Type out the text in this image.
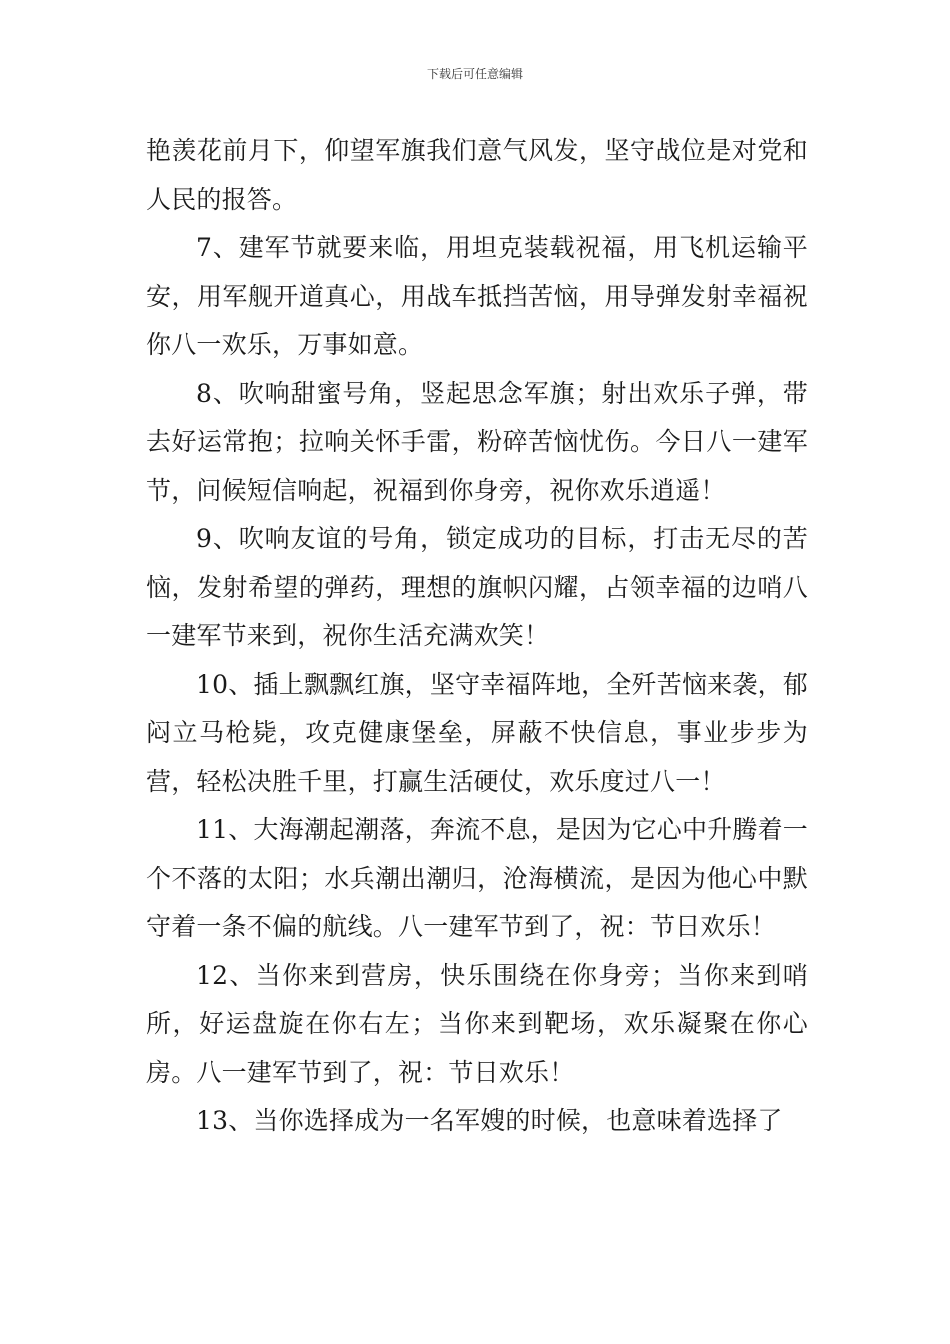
下载后可任意编辑

艳羡花前月下，仰望军旗我们意气风发，坚守战位是对党和人民的报答。

7、建军节就要来临，用坦克装载祝福，用飞机运输平安，用军舰开道真心，用战车抵挡苦恼，用导弹发射幸福祝你八一欢乐，万事如意。

8、吹响甜蜜号角，竖起思念军旗；射出欢乐子弹，带去好运常抱；拉响关怀手雷，粉碎苦恼忧伤。今日八一建军节，问候短信响起，祝福到你身旁，祝你欢乐逍遥！

9、吹响友谊的号角，锁定成功的目标，打击无尽的苦恼，发射希望的弹药，理想的旗帜闪耀，占领幸福的边哨八一建军节来到，祝你生活充满欢笑！

10、插上飘飘红旗，坚守幸福阵地，全歼苦恼来袭，郁闷立马枪毙，攻克健康堡垒，屏蔽不快信息，事业步步为营，轻松决胜千里，打赢生活硬仗，欢乐度过八一！

11、大海潮起潮落，奔流不息，是因为它心中升腾着一个不落的太阳；水兵潮出潮归，沧海横流，是因为他心中默守着一条不偏的航线。八一建军节到了，祝：节日欢乐！

12、当你来到营房，快乐围绕在你身旁；当你来到哨所，好运盘旋在你右左；当你来到靶场，欢乐凝聚在你心房。八一建军节到了，祝：节日欢乐！

13、当你选择成为一名军嫂的时候，也意味着选择了
